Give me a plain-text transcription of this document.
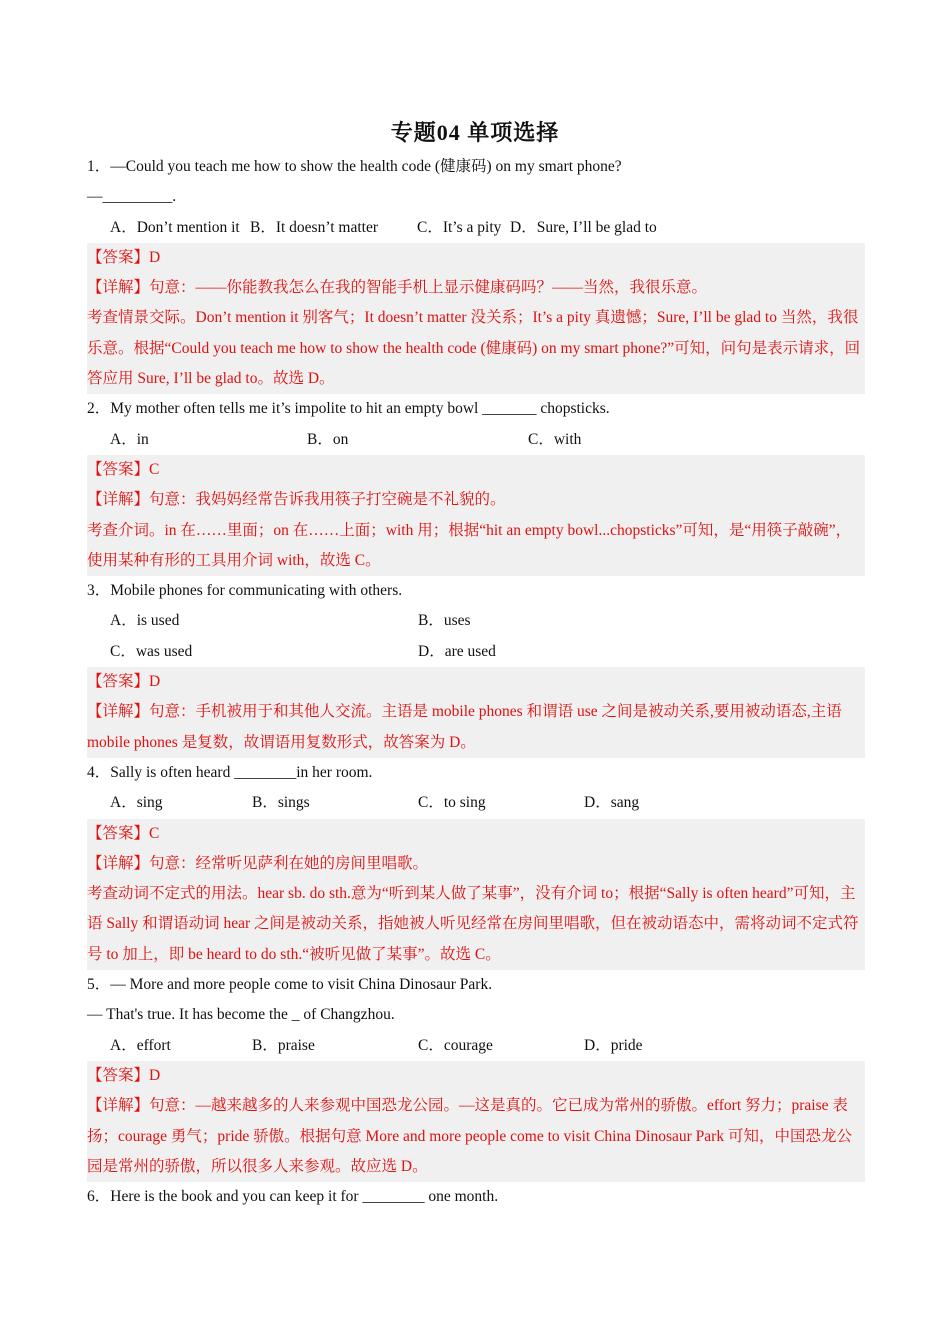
专题04 单项选择
1．—Could you teach me how to show the health code (健康码) on my smart phone?
—_________.
A．Don’t mention it B．It doesn’t matter	C．It’s a pity D．Sure, I’ll be glad to
【答案】D
【详解】句意：——你能教我怎么在我的智能手机上显示健康码吗？——当然，我很乐意。
考查情景交际。Don’t mention it 别客气；It doesn’t matter 没关系；It’s a pity 真遗憾；Sure, I’ll be glad to 当然，我很乐意。根据“Could you teach me how to show the health code (健康码) on my smart phone?”可知，问句是表示请求，回答应用 Sure, I’ll be glad to。故选 D。
2．My mother often tells me it’s impolite to hit an empty bowl _______ chopsticks.
A．in	B．on	C．with
【答案】C
【详解】句意：我妈妈经常告诉我用筷子打空碗是不礼貌的。
考查介词。in 在……里面；on 在……上面；with 用；根据“hit an empty bowl...chopsticks”可知，是“用筷子敲碗”，使用某种有形的工具用介词 with，故选 C。
3．Mobile phones for communicating with others.
A．is used	B．uses
C．was used	D．are used
【答案】D
【详解】句意：手机被用于和其他人交流。主语是 mobile phones 和谓语 use 之间是被动关系,要用被动语态,主语 mobile phones 是复数，故谓语用复数形式，故答案为 D。
4．Sally is often heard ________in her room.
A．sing	B．sings	C．to sing	D．sang
【答案】C
【详解】句意：经常听见萨利在她的房间里唱歌。
考查动词不定式的用法。hear sb. do sth.意为“听到某人做了某事”，没有介词 to；根据“Sally is often heard”可知，主语 Sally 和谓语动词 hear 之间是被动关系，指她被人听见经常在房间里唱歌，但在被动语态中，需将动词不定式符号 to 加上，即 be heard to do sth.“被听见做了某事”。故选 C。
5．— More and more people come to visit China Dinosaur Park.
— That's true. It has become the _ of Changzhou.
A．effort	B．praise	C．courage	D．pride
【答案】D
【详解】句意：—越来越多的人来参观中国恐龙公园。—这是真的。它已成为常州的骄傲。effort 努力；praise 表扬；courage 勇气；pride 骄傲。根据句意 More and more people come to visit China Dinosaur Park 可知，中国恐龙公园是常州的骄傲，所以很多人来参观。故应选 D。
6．Here is the book and you can keep it for ________ one month.
